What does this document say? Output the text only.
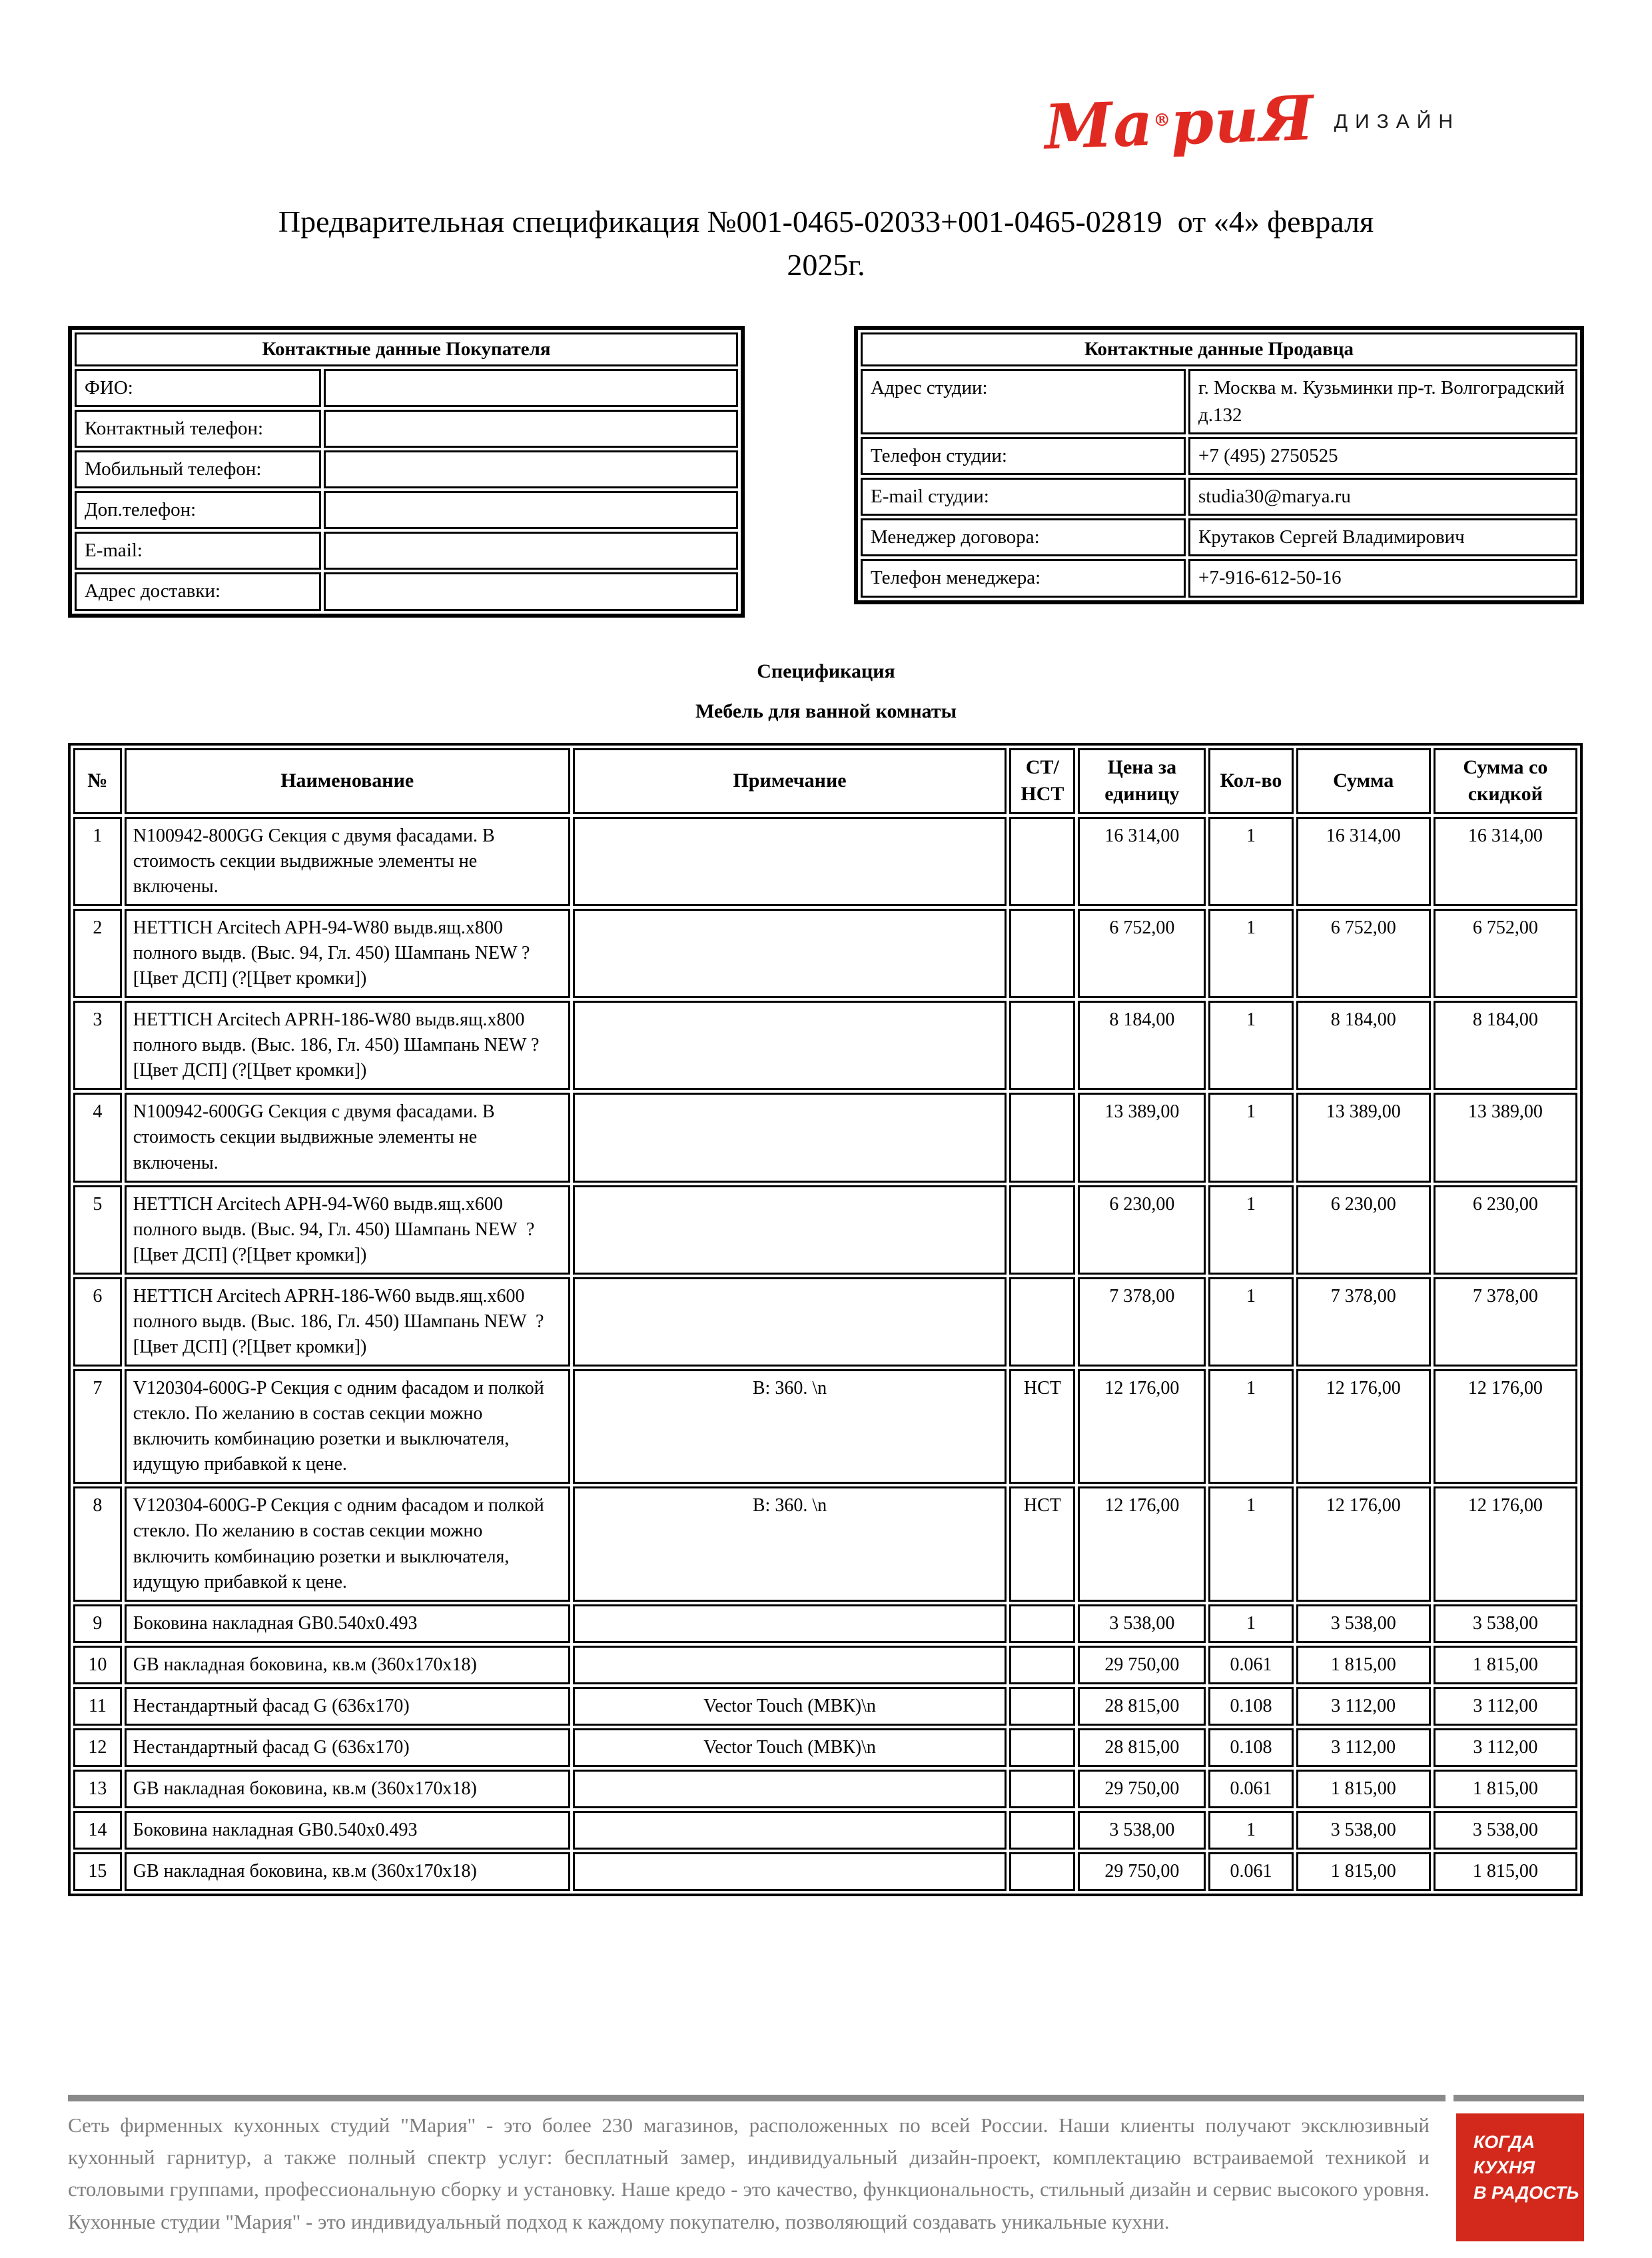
Ма®риЯ ДИЗАЙН
Предварительная спецификация №001-0465-02033+001-0465-02819  от «4» февраля
2025г.
Контактные данные Покупателя	
ФИО:	
Контактный телефон:	
Мобильный телефон:	
Доп.телефон:	
E-mail:	
Адрес доставки:	
Контактные данные Продавца	
Адрес студии:	г. Москва м. Кузьминки пр-т. Волгоградский д.132
Телефон студии:	+7 (495) 2750525
E-mail студии:	studia30@marya.ru
Менеджер договора:	Крутаков Сергей Владимирович
Телефон менеджера:	+7-916-612-50-16
Спецификация
Мебель для ванной комнаты
№	Наименование	Примечание	СТ/ НСТ	Цена за единицу	Кол-во	Сумма	Сумма со скидкой
1	N100942-800GG Секция с двумя фасадами. В стоимость секции выдвижные элементы не включены.			16 314,00	1	16 314,00	16 314,00
2	HETTICH Arcitech APH-94-W80 выдв.ящ.х800 полного выдв. (Выс. 94, Гл. 450) Шампань NEW ?[Цвет ДСП] (?[Цвет кромки])			6 752,00	1	6 752,00	6 752,00
3	HETTICH Arcitech APRH-186-W80 выдв.ящ.х800 полного выдв. (Выс. 186, Гл. 450) Шампань NEW ?[Цвет ДСП] (?[Цвет кромки])			8 184,00	1	8 184,00	8 184,00
4	N100942-600GG Секция с двумя фасадами. В стоимость секции выдвижные элементы не включены.			13 389,00	1	13 389,00	13 389,00
5	HETTICH Arcitech APH-94-W60 выдв.ящ.х600 полного выдв. (Выс. 94, Гл. 450) Шампань NEW  ?[Цвет ДСП] (?[Цвет кромки])			6 230,00	1	6 230,00	6 230,00
6	HETTICH Arcitech APRH-186-W60 выдв.ящ.х600 полного выдв. (Выс. 186, Гл. 450) Шампань NEW  ?[Цвет ДСП] (?[Цвет кромки])			7 378,00	1	7 378,00	7 378,00
7	V120304-600G-P Секция с одним фасадом и полкой стекло. По желанию в состав секции можно включить комбинацию розетки и выключателя, идущую прибавкой к цене.	В: 360. \n	НСТ	12 176,00	1	12 176,00	12 176,00
8	V120304-600G-P Секция с одним фасадом и полкой стекло. По желанию в состав секции можно включить комбинацию розетки и выключателя, идущую прибавкой к цене.	В: 360. \n	НСТ	12 176,00	1	12 176,00	12 176,00
9	Боковина накладная GB0.540x0.493			3 538,00	1	3 538,00	3 538,00
10	GB накладная боковина, кв.м (360х170х18)			29 750,00	0.061	1 815,00	1 815,00
11	Нестандартный фасад G (636х170)	Vector Touch (МВК)\n		28 815,00	0.108	3 112,00	3 112,00
12	Нестандартный фасад G (636х170)	Vector Touch (МВК)\n		28 815,00	0.108	3 112,00	3 112,00
13	GB накладная боковина, кв.м (360х170х18)			29 750,00	0.061	1 815,00	1 815,00
14	Боковина накладная GB0.540x0.493			3 538,00	1	3 538,00	3 538,00
15	GB накладная боковина, кв.м (360х170х18)			29 750,00	0.061	1 815,00	1 815,00
КОГДА
КУХНЯ
В РАДОСТЬ

Сеть фирменных кухонных студий "Мария" - это более 230 магазинов, расположенных по всей России. Наши клиенты получают эксклюзивный кухонный гарнитур, а также полный спектр услуг: бесплатный замер, индивидуальный дизайн-проект, комплектацию встраиваемой техникой и столовыми группами, профессиональную сборку и установку. Наше кредо - это качество, функциональность, стильный дизайн и сервис высокого уровня. Кухонные студии "Мария" - это индивидуальный подход к каждому покупателю, позволяющий создавать уникальные кухни.
